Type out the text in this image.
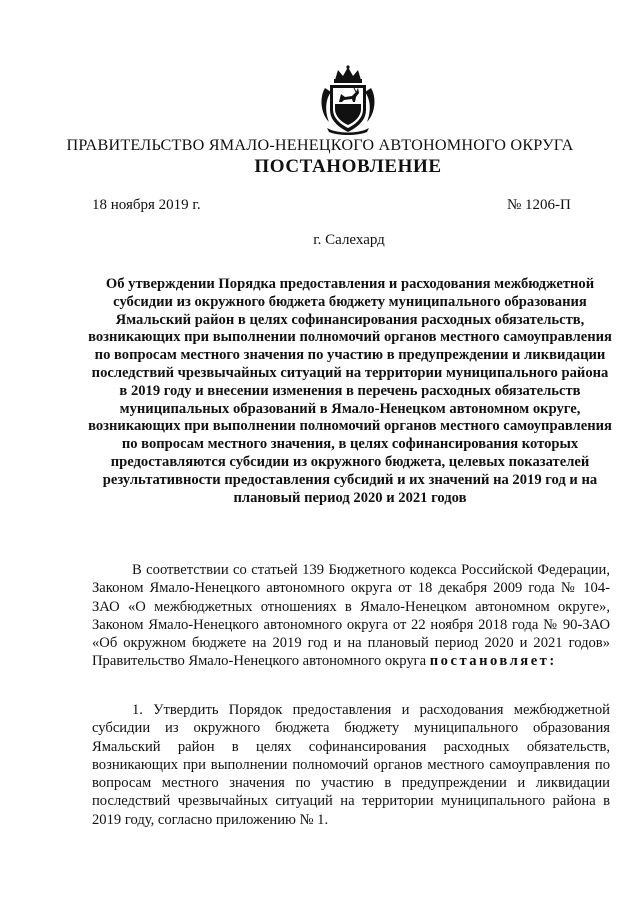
ПРАВИТЕЛЬСТВО ЯМАЛО-НЕНЕЦКОГО АВТОНОМНОГО ОКРУГА
ПОСТАНОВЛЕНИЕ
18 ноября 2019 г.	№ 1206-П
г. Салехард
Об утверждении Порядка предоставления и расходования межбюджетной субсидии из окружного бюджета бюджету муниципального образования Ямальский район в целях софинансирования расходных обязательств, возникающих при выполнении полномочий органов местного самоуправления по вопросам местного значения по участию в предупреждении и ликвидации последствий чрезвычайных ситуаций на территории муниципального района в 2019 году и внесении изменения в перечень расходных обязательств муниципальных образований в Ямало-Ненецком автономном округе, возникающих при выполнении полномочий органов местного самоуправления по вопросам местного значения, в целях софинансирования которых предоставляются субсидии из окружного бюджета, целевых показателей результативности предоставления субсидий и их значений на 2019 год и на плановый период 2020 и 2021 годов
В соответствии со статьей 139 Бюджетного кодекса Российской Федерации, Законом Ямало-Ненецкого автономного округа от 18 декабря 2009 года № 104-ЗАО «О межбюджетных отношениях в Ямало-Ненецком автономном округе», Законом Ямало-Ненецкого автономного округа от 22 ноября 2018 года № 90-ЗАО «Об окружном бюджете на 2019 год и на плановый период 2020 и 2021 годов» Правительство Ямало-Ненецкого автономного округа постановляет:
1. Утвердить Порядок предоставления и расходования межбюджетной субсидии из окружного бюджета бюджету муниципального образования Ямальский район в целях софинансирования расходных обязательств, возникающих при выполнении полномочий органов местного самоуправления по вопросам местного значения по участию в предупреждении и ликвидации последствий чрезвычайных ситуаций на территории муниципального района в 2019 году, согласно приложению № 1.
